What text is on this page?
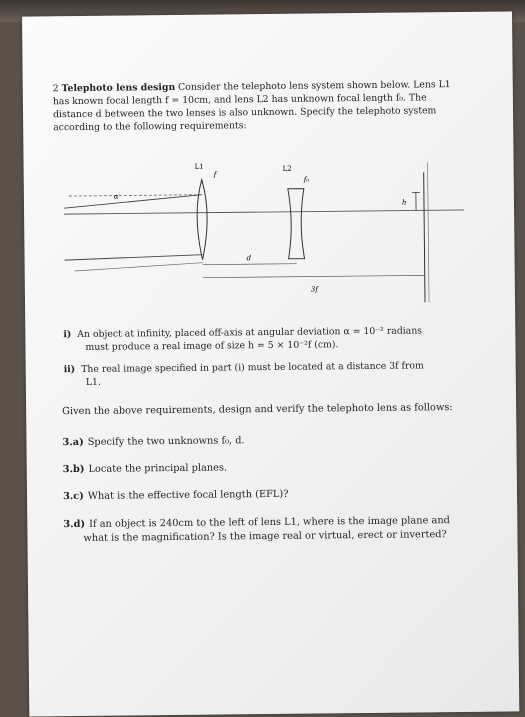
2 Telephoto lens design Consider the telephoto lens system shown below. Lens L1 has known focal length f = 10cm, and lens L2 has unknown focal length f₀. The distance d between the two lenses is also unknown. Specify the telephoto system according to the following requirements:
L1
f
L2
f₀
α
h
d
3f
i) An object at infinity, placed off-axis at angular deviation α = 10⁻² radians
must produce a real image of size h = 5 × 10⁻²f (cm).
ii) The real image specified in part (i) must be located at a distance 3f from
L1.
Given the above requirements, design and verify the telephoto lens as follows:
3.a) Specify the two unknowns f₀, d.
3.b) Locate the principal planes.
3.c) What is the effective focal length (EFL)?
3.d) If an object is 240cm to the left of lens L1, where is the image plane and
what is the magnification? Is the image real or virtual, erect or inverted?
